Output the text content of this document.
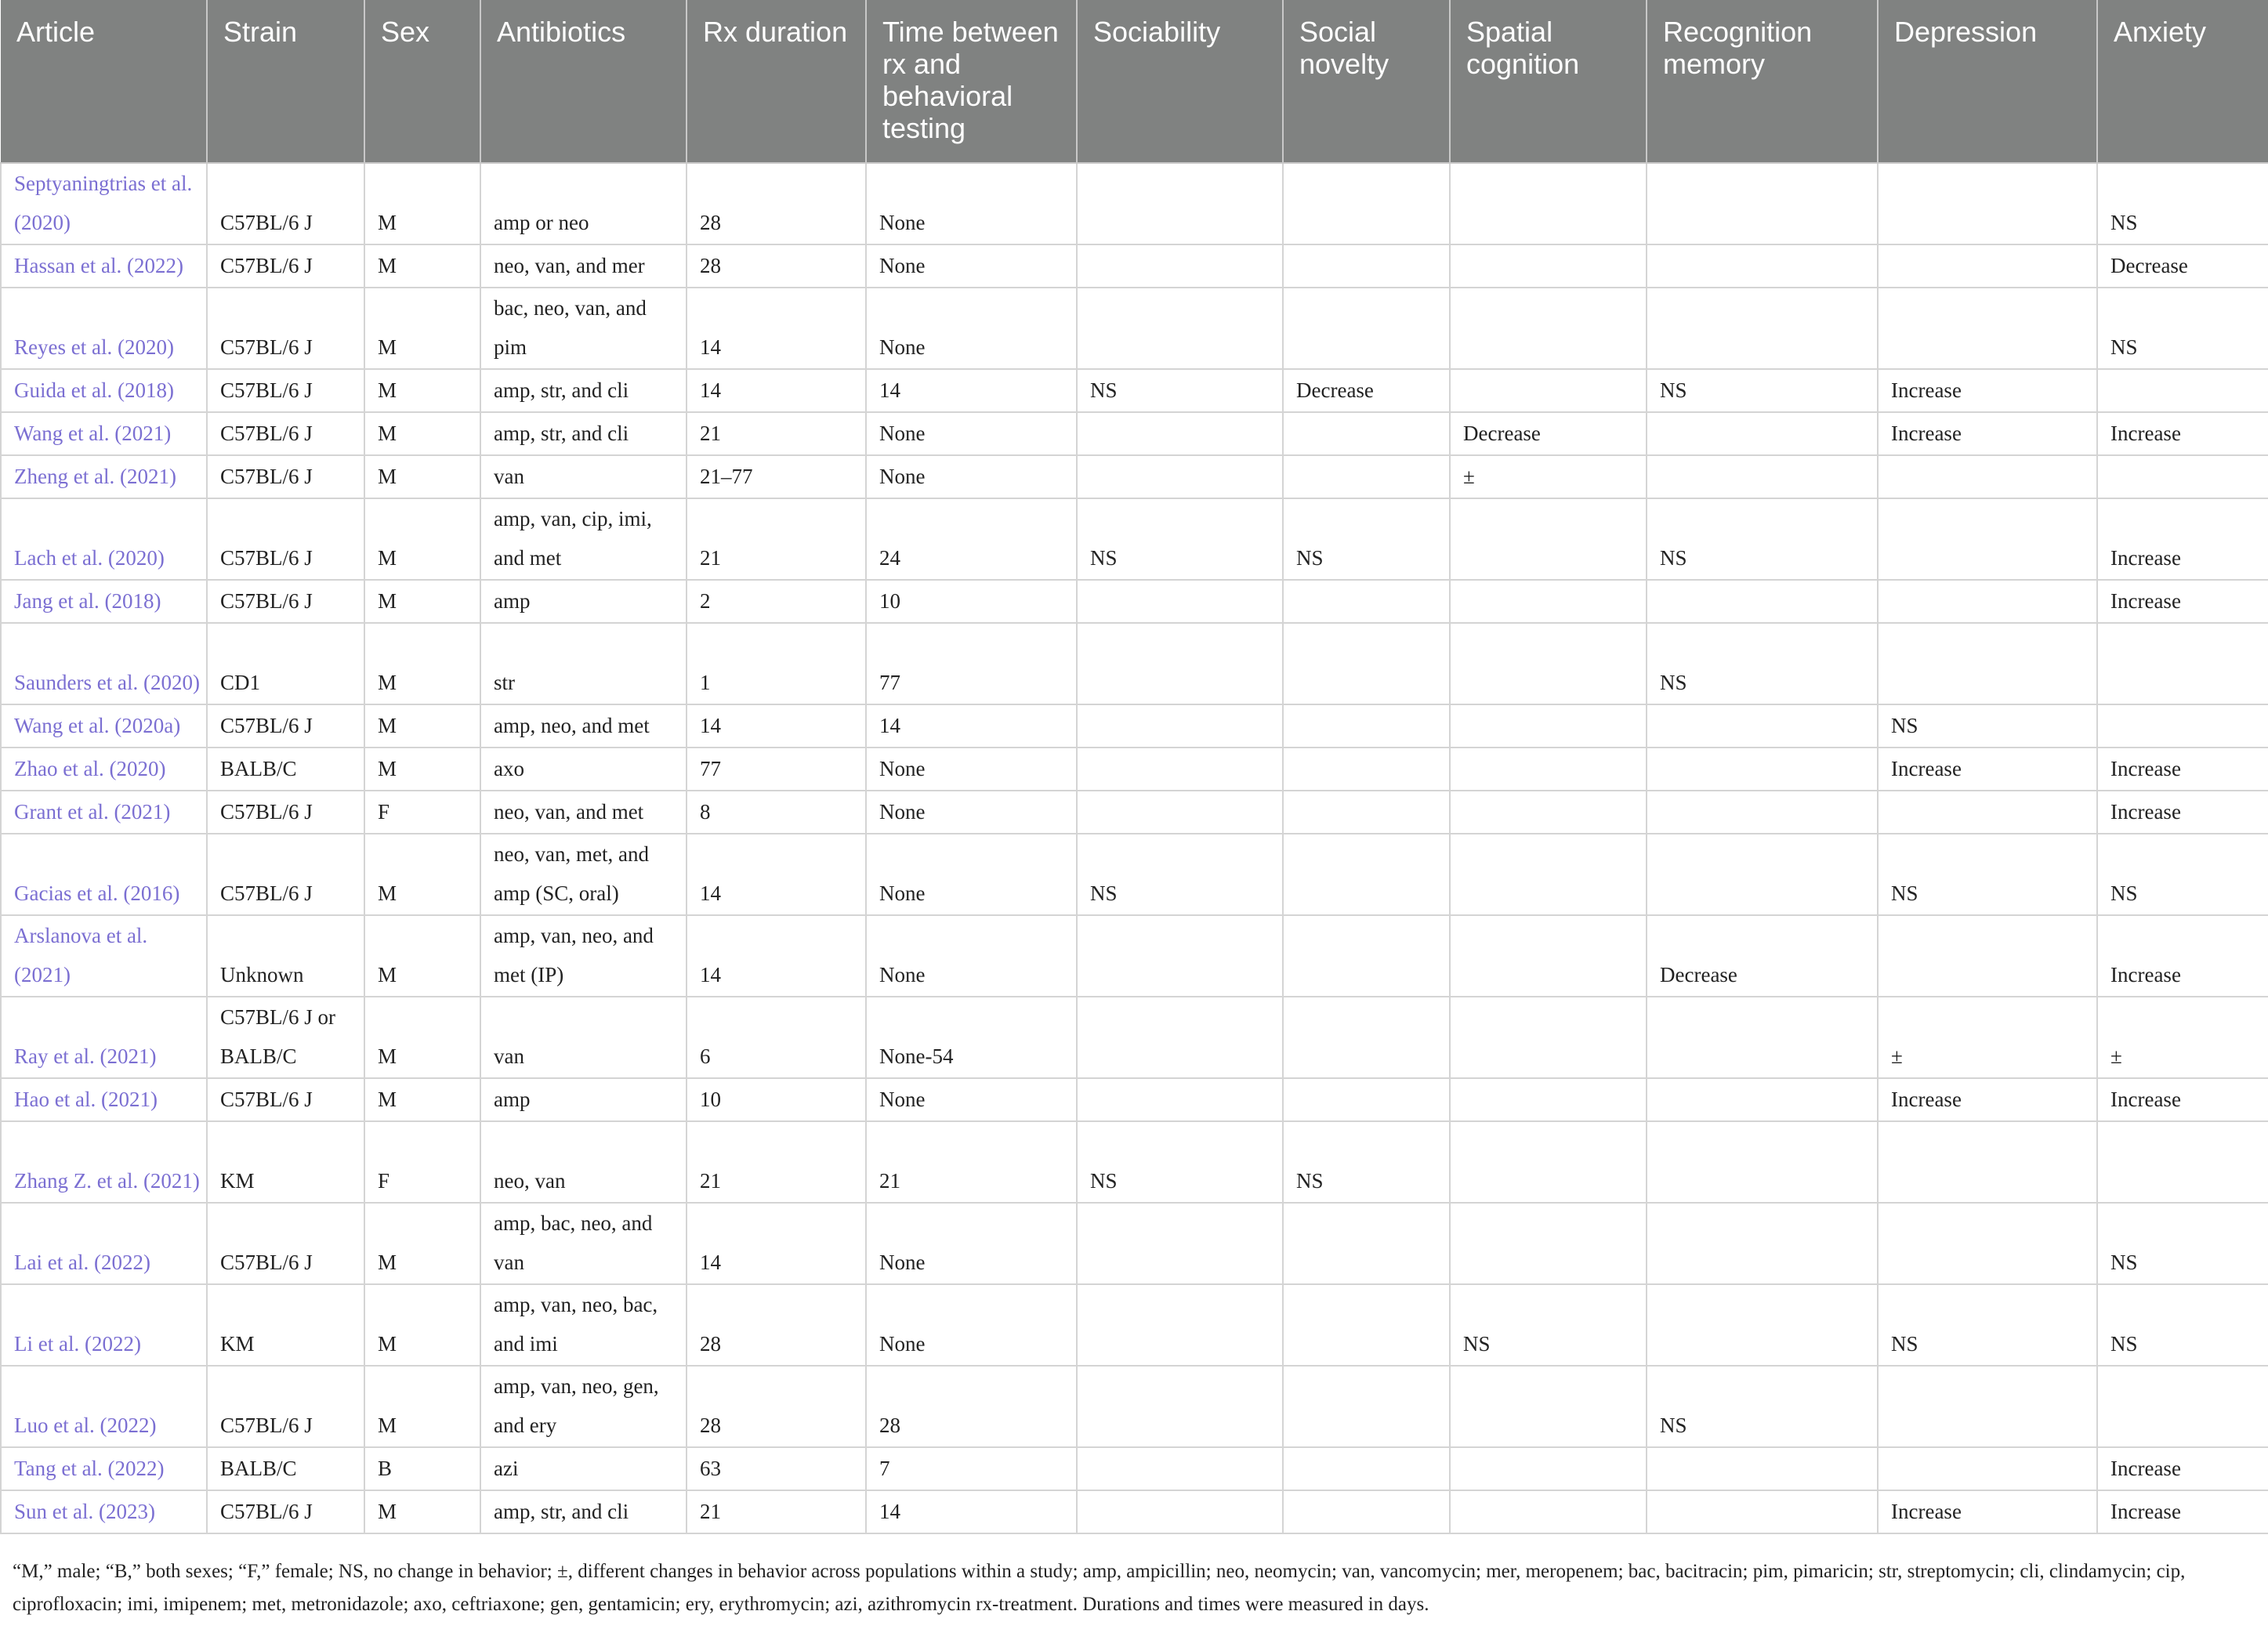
Article	Strain	Sex	Antibiotics	Rx duration	Time between rx and behavioral testing	Sociability	Social novelty	Spatial cognition	Recognition memory	Depression	Anxiety
Septyaningtrias et al. (2020)	C57BL/6 J	M	amp or neo	28	None						NS
Hassan et al. (2022)	C57BL/6 J	M	neo, van, and mer	28	None						Decrease
Reyes et al. (2020)	C57BL/6 J	M	bac, neo, van, and pim	14	None						NS
Guida et al. (2018)	C57BL/6 J	M	amp, str, and cli	14	14	NS	Decrease		NS	Increase	
Wang et al. (2021)	C57BL/6 J	M	amp, str, and cli	21	None			Decrease		Increase	Increase
Zheng et al. (2021)	C57BL/6 J	M	van	21–77	None			±			
Lach et al. (2020)	C57BL/6 J	M	amp, van, cip, imi, and met	21	24	NS	NS		NS		Increase
Jang et al. (2018)	C57BL/6 J	M	amp	2	10						Increase
Saunders et al. (2020)	CD1	M	str	1	77				NS		
Wang et al. (2020a)	C57BL/6 J	M	amp, neo, and met	14	14					NS	
Zhao et al. (2020)	BALB/C	M	axo	77	None					Increase	Increase
Grant et al. (2021)	C57BL/6 J	F	neo, van, and met	8	None						Increase
Gacias et al. (2016)	C57BL/6 J	M	neo, van, met, and amp (SC, oral)	14	None	NS				NS	NS
Arslanova et al. (2021)	Unknown	M	amp, van, neo, and met (IP)	14	None				Decrease		Increase
Ray et al. (2021)	C57BL/6 J or BALB/C	M	van	6	None-54					±	±
Hao et al. (2021)	C57BL/6 J	M	amp	10	None					Increase	Increase
Zhang Z. et al. (2021)	KM	F	neo, van	21	21	NS	NS				
Lai et al. (2022)	C57BL/6 J	M	amp, bac, neo, and van	14	None						NS
Li et al. (2022)	KM	M	amp, van, neo, bac, and imi	28	None			NS		NS	NS
Luo et al. (2022)	C57BL/6 J	M	amp, van, neo, gen, and ery	28	28				NS		
Tang et al. (2022)	BALB/C	B	azi	63	7						Increase
Sun et al. (2023)	C57BL/6 J	M	amp, str, and cli	21	14					Increase	Increase
“M,” male; “B,” both sexes; “F,” female; NS, no change in behavior; ±, different changes in behavior across populations within a study; amp, ampicillin; neo, neomycin; van, vancomycin; mer, meropenem; bac, bacitracin; pim, pimaricin; str, streptomycin; cli, clindamycin; cip, ciprofloxacin; imi, imipenem; met, metronidazole; axo, ceftriaxone; gen, gentamicin; ery, erythromycin; azi, azithromycin rx-treatment. Durations and times were measured in days.
